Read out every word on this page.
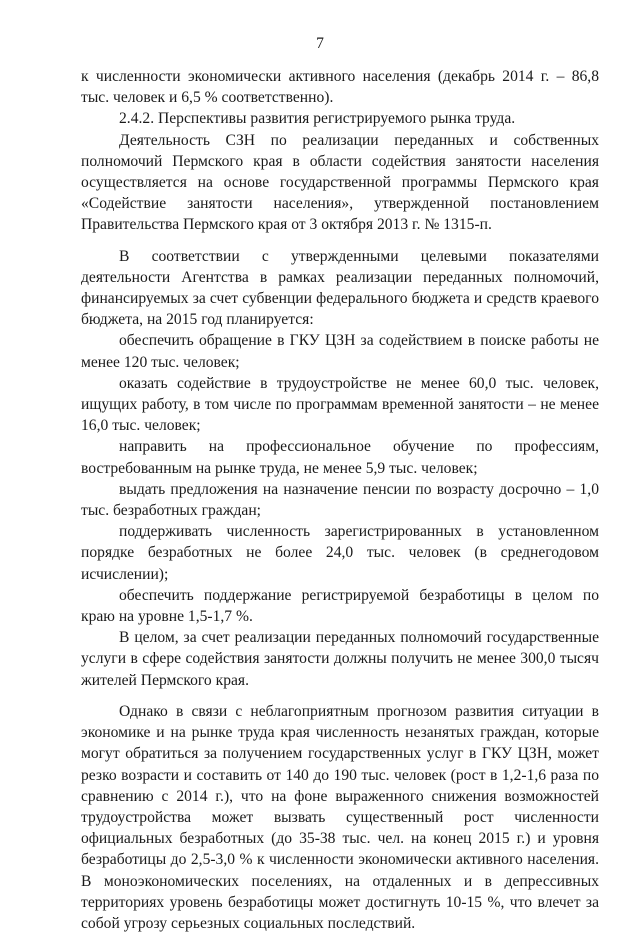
7

к численности экономически активного населения (декабрь 2014 г. – 86,8 тыс. человек и 6,5 % соответственно).

2.4.2. Перспективы развития регистрируемого рынка труда.

Деятельность СЗН по реализации переданных и собственных полномочий Пермского края в области содействия занятости населения осуществляется на основе государственной программы Пермского края «Содействие занятости населения», утвержденной постановлением Правительства Пермского края от 3 октября 2013 г. № 1315-п.

В соответствии с утвержденными целевыми показателями деятельности Агентства в рамках реализации переданных полномочий, финансируемых за счет субвенции федерального бюджета и средств краевого бюджета, на 2015 год планируется:

обеспечить обращение в ГКУ ЦЗН за содействием в поиске работы не менее 120 тыс. человек;

оказать содействие в трудоустройстве не менее 60,0 тыс. человек, ищущих работу, в том числе по программам временной занятости – не менее 16,0 тыс. человек;

направить на профессиональное обучение по профессиям, востребованным на рынке труда, не менее 5,9 тыс. человек;

выдать предложения на назначение пенсии по возрасту досрочно – 1,0 тыс. безработных граждан;

поддерживать численность зарегистрированных в установленном порядке безработных не более 24,0 тыс. человек (в среднегодовом исчислении);

обеспечить поддержание регистрируемой безработицы в целом по краю на уровне 1,5-1,7 %.

В целом, за счет реализации переданных полномочий государственные услуги в сфере содействия занятости должны получить не менее 300,0 тысяч жителей Пермского края.

Однако в связи с неблагоприятным прогнозом развития ситуации в экономике и на рынке труда края численность незанятых граждан, которые могут обратиться за получением государственных услуг в ГКУ ЦЗН, может резко возрасти и составить от 140 до 190 тыс. человек (рост в 1,2-1,6 раза по сравнению с 2014 г.), что на фоне выраженного снижения возможностей трудоустройства может вызвать существенный рост численности официальных безработных (до 35-38 тыс. чел. на конец 2015 г.) и уровня безработицы до 2,5-3,0 % к численности экономически активного населения. В моноэкономических поселениях, на отдаленных и в депрессивных территориях уровень безработицы может достигнуть 10-15 %, что влечет за собой угрозу серьезных социальных последствий.
